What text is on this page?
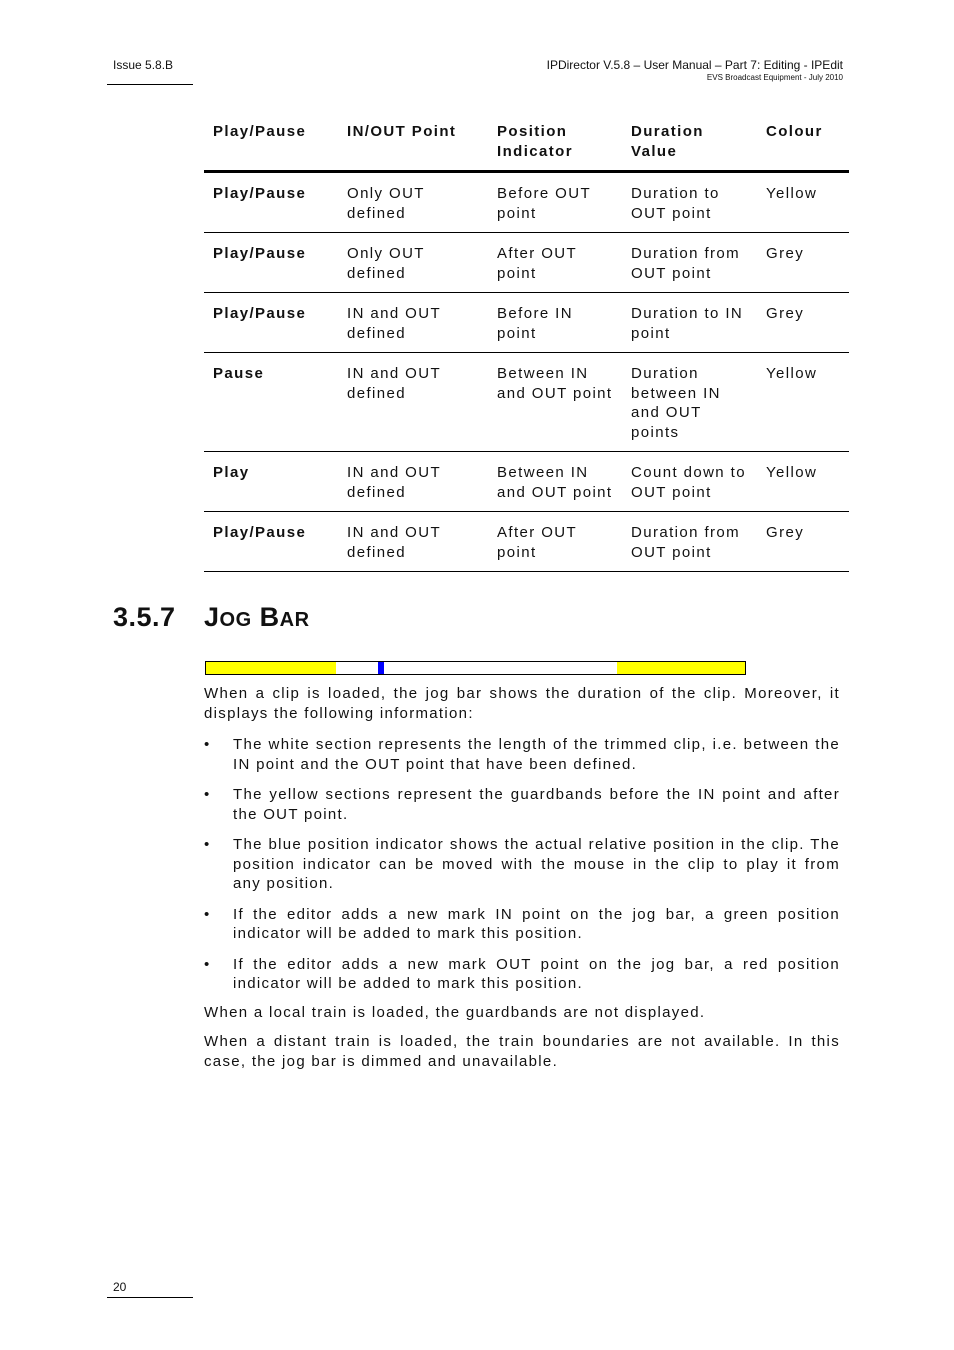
Issue 5.8.B	IPDirector V.5.8 – User Manual – Part 7: Editing - IPEdit
EVS Broadcast Equipment - July 2010
Play/Pause	IN/OUT Point	Position Indicator	Duration Value	Colour
Play/Pause	Only OUT defined	Before OUT point	Duration to OUT point	Yellow
Play/Pause	Only OUT defined	After OUT point	Duration from OUT point	Grey
Play/Pause	IN and OUT defined	Before IN point	Duration to IN point	Grey
Pause	IN and OUT defined	Between IN and OUT point	Duration between IN and OUT points	Yellow
Play	IN and OUT defined	Between IN and OUT point	Count down to OUT point	Yellow
Play/Pause	IN and OUT defined	After OUT point	Duration from OUT point	Grey
3.5.7 JOG BAR
When a clip is loaded, the jog bar shows the duration of the clip. Moreover, it displays the following information:
• The white section represents the length of the trimmed clip, i.e. between the IN point and the OUT point that have been defined.
• The yellow sections represent the guardbands before the IN point and after the OUT point.
• The blue position indicator shows the actual relative position in the clip. The position indicator can be moved with the mouse in the clip to play it from any position.
• If the editor adds a new mark IN point on the jog bar, a green position indicator will be added to mark this position.
• If the editor adds a new mark OUT point on the jog bar, a red position indicator will be added to mark this position.
When a local train is loaded, the guardbands are not displayed.
When a distant train is loaded, the train boundaries are not available. In this case, the jog bar is dimmed and unavailable.
20
